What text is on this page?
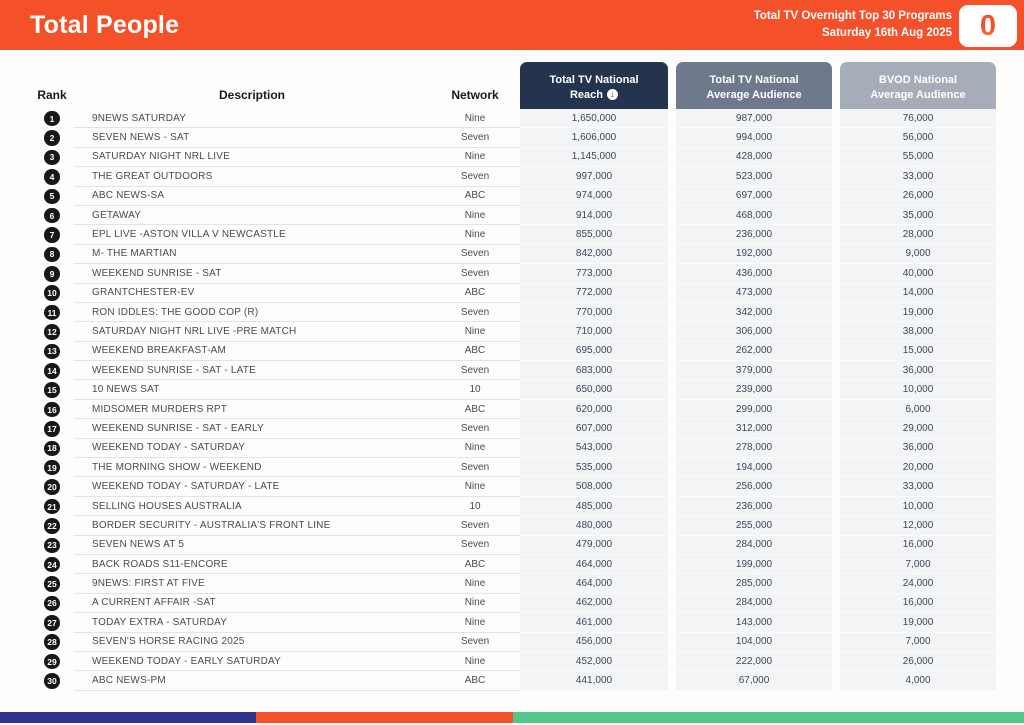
Total People	Total TV Overnight Top 30 Programs
Saturday 16th Aug 2025 0
Rank	Description	Network
Total TV National
Reach ↓
Total TV National
Average Audience
BVOD National
Average Audience
1	9NEWS SATURDAY	Nine	1,650,000	987,000	76,000
2	SEVEN NEWS - SAT	Seven	1,606,000	994,000	56,000
3	SATURDAY NIGHT NRL LIVE	Nine	1,145,000	428,000	55,000
4	THE GREAT OUTDOORS	Seven	997,000	523,000	33,000
5	ABC NEWS-SA	ABC	974,000	697,000	26,000
6	GETAWAY	Nine	914,000	468,000	35,000
7	EPL LIVE -ASTON VILLA V NEWCASTLE	Nine	855,000	236,000	28,000
8	M- THE MARTIAN	Seven	842,000	192,000	9,000
9	WEEKEND SUNRISE - SAT	Seven	773,000	436,000	40,000
10	GRANTCHESTER-EV	ABC	772,000	473,000	14,000
11	RON IDDLES: THE GOOD COP (R)	Seven	770,000	342,000	19,000
12	SATURDAY NIGHT NRL LIVE -PRE MATCH	Nine	710,000	306,000	38,000
13	WEEKEND BREAKFAST-AM	ABC	695,000	262,000	15,000
14	WEEKEND SUNRISE - SAT - LATE	Seven	683,000	379,000	36,000
15	10 NEWS SAT	10	650,000	239,000	10,000
16	MIDSOMER MURDERS RPT	ABC	620,000	299,000	6,000
17	WEEKEND SUNRISE - SAT - EARLY	Seven	607,000	312,000	29,000
18	WEEKEND TODAY - SATURDAY	Nine	543,000	278,000	36,000
19	THE MORNING SHOW - WEEKEND	Seven	535,000	194,000	20,000
20	WEEKEND TODAY - SATURDAY - LATE	Nine	508,000	256,000	33,000
21	SELLING HOUSES AUSTRALIA	10	485,000	236,000	10,000
22	BORDER SECURITY - AUSTRALIA'S FRONT LINE	Seven	480,000	255,000	12,000
23	SEVEN NEWS AT 5	Seven	479,000	284,000	16,000
24	BACK ROADS S11-ENCORE	ABC	464,000	199,000	7,000
25	9NEWS: FIRST AT FIVE	Nine	464,000	285,000	24,000
26	A CURRENT AFFAIR -SAT	Nine	462,000	284,000	16,000
27	TODAY EXTRA - SATURDAY	Nine	461,000	143,000	19,000
28	SEVEN'S HORSE RACING 2025	Seven	456,000	104,000	7,000
29	WEEKEND TODAY - EARLY SATURDAY	Nine	452,000	222,000	26,000
30	ABC NEWS-PM	ABC	441,000	67,000	4,000
